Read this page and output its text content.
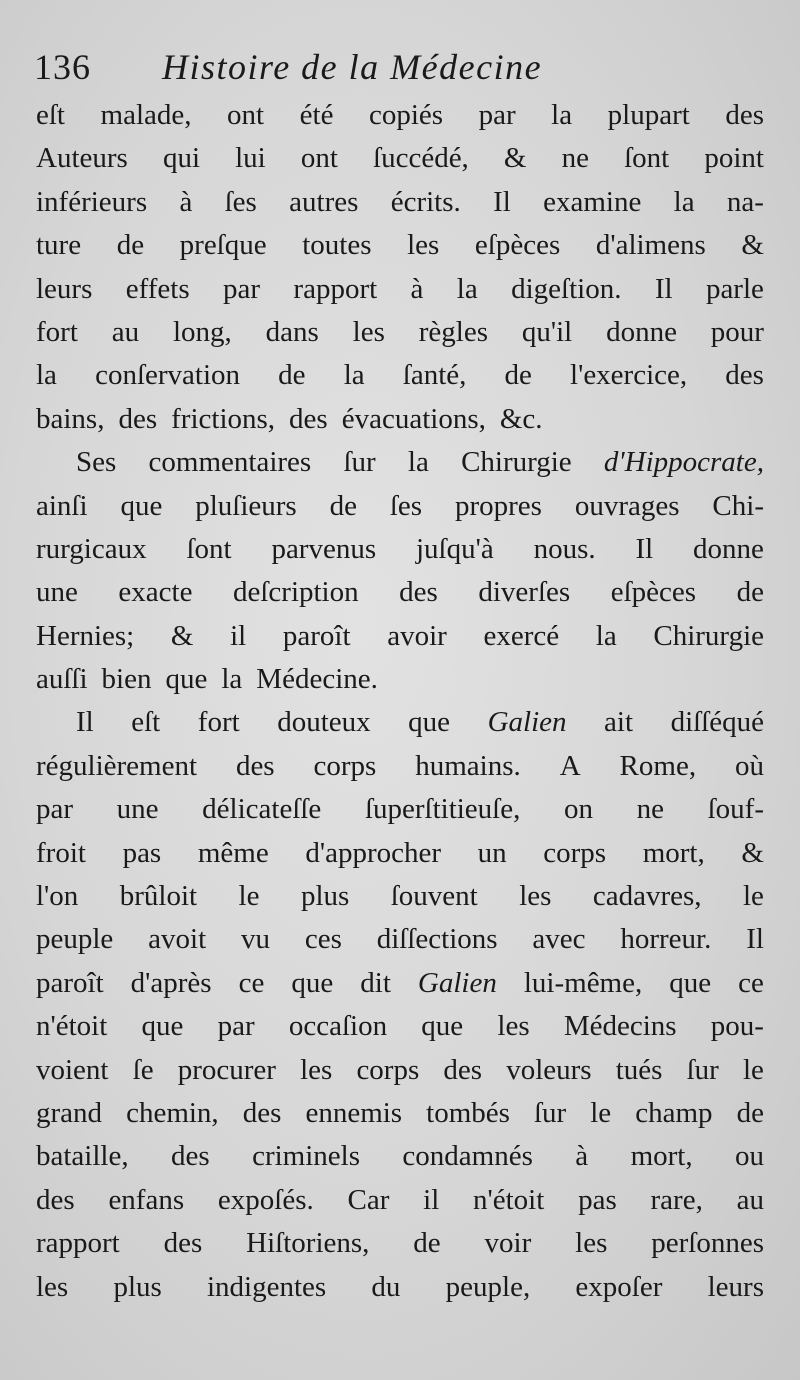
136 Histoire de la Médecine
eſt malade, ont été copiés par la plupart des
Auteurs qui lui ont ſuccédé, & ne ſont point
inférieurs à ſes autres écrits. Il examine la na-
ture de preſque toutes les eſpèces d'alimens &
leurs effets par rapport à la digeſtion. Il parle
fort au long, dans les règles qu'il donne pour
la conſervation de la ſanté, de l'exercice, des
bains, des frictions, des évacuations, &c.
Ses commentaires ſur la Chirurgie d'Hippocrate,
ainſi que pluſieurs de ſes propres ouvrages Chi-
rurgicaux ſont parvenus juſqu'à nous. Il donne
une exacte deſcription des diverſes eſpèces de
Hernies; & il paroît avoir exercé la Chirurgie
auſſi bien que la Médecine.
Il eſt fort douteux que Galien ait diſſéqué
régulièrement des corps humains. A Rome, où
par une délicateſſe ſuperſtitieuſe, on ne ſouf-
froit pas même d'approcher un corps mort, &
l'on brûloit le plus ſouvent les cadavres, le
peuple avoit vu ces diſſections avec horreur. Il
paroît d'après ce que dit Galien lui-même, que ce
n'étoit que par occaſion que les Médecins pou-
voient ſe procurer les corps des voleurs tués ſur le
grand chemin, des ennemis tombés ſur le champ de
bataille, des criminels condamnés à mort, ou
des enfans expoſés. Car il n'étoit pas rare, au
rapport des Hiſtoriens, de voir les perſonnes
les plus indigentes du peuple, expoſer leurs
